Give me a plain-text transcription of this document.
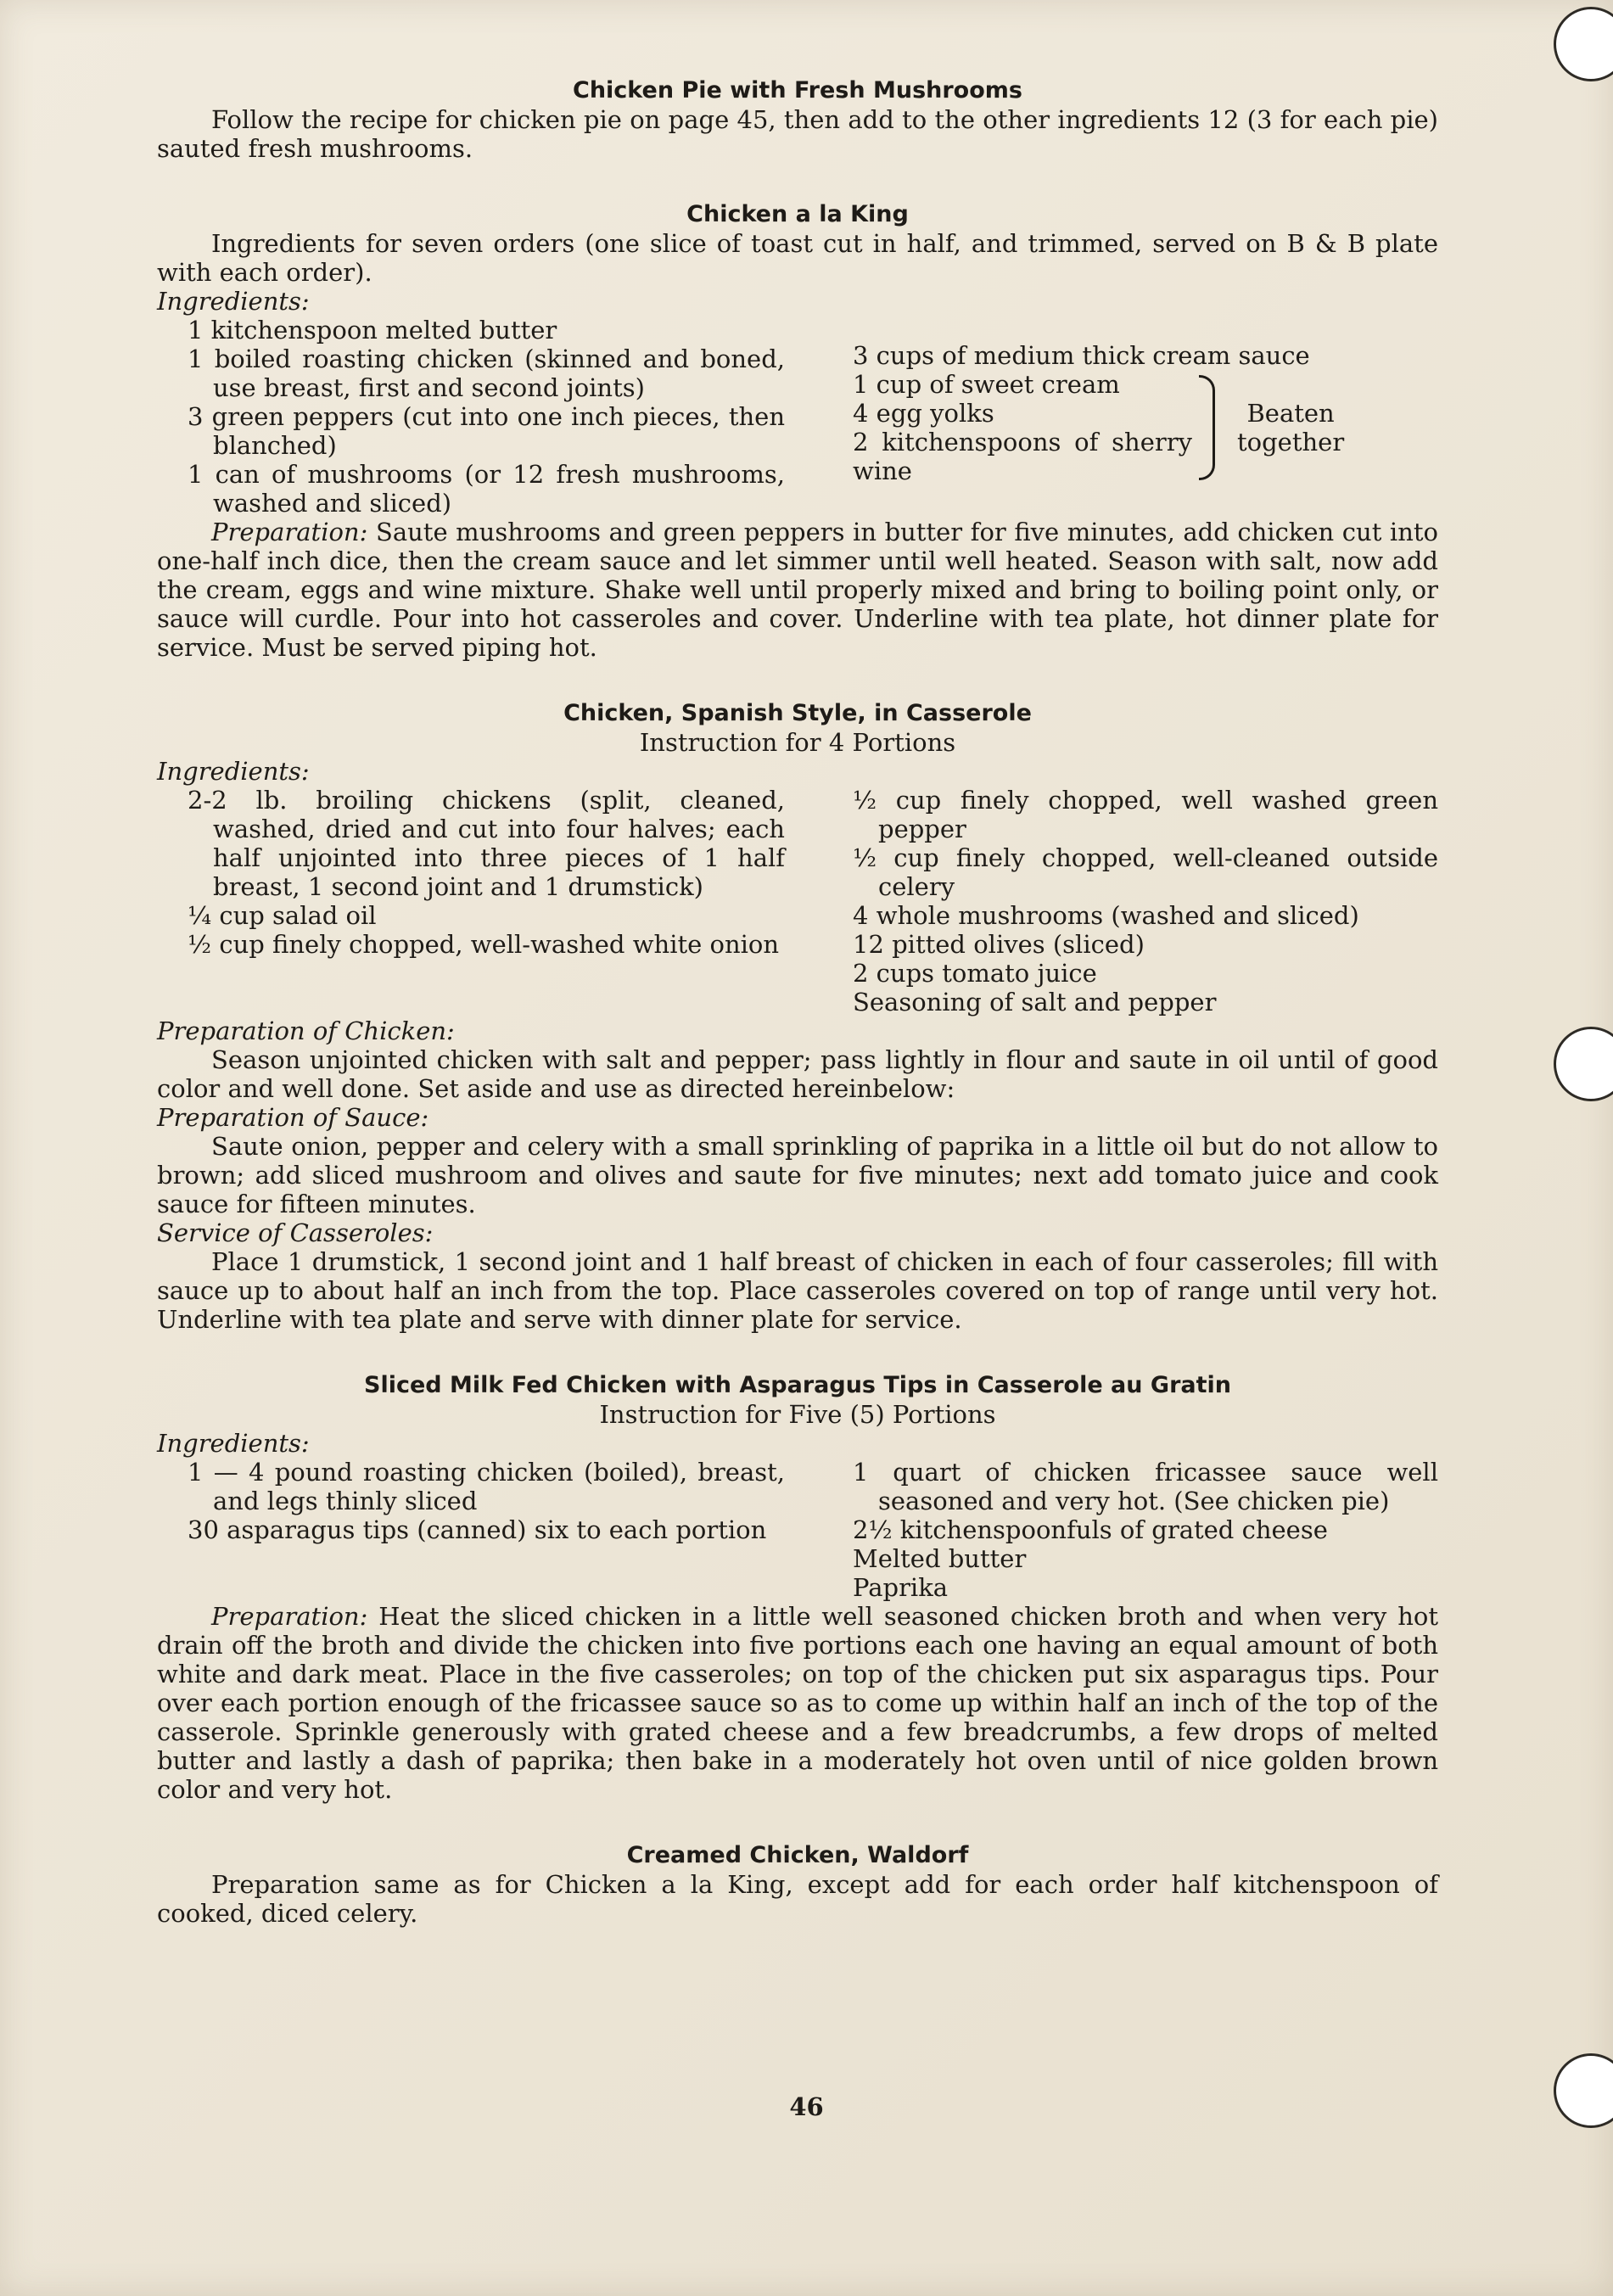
Chicken Pie with Fresh Mushrooms

Follow the recipe for chicken pie on page 45, then add to the other ingredients 12 (3 for each pie) sauted fresh mushrooms.

Chicken a la King

Ingredients for seven orders (one slice of toast cut in half, and trimmed, served on B & B plate with each order).

Ingredients:

1 kitchenspoon melted butter

1 boiled roasting chicken (skinned and boned, use breast, first and second joints)

3 green peppers (cut into one inch pieces, then blanched)

1 can of mushrooms (or 12 fresh mushrooms, washed and sliced)

3 cups of medium thick cream sauce

1 cup of sweet cream

4 egg yolks

2 kitchenspoons of sherry wine

Beaten
together

Preparation: Saute mushrooms and green peppers in butter for five minutes, add chicken cut into one-half inch dice, then the cream sauce and let simmer until well heated. Season with salt, now add the cream, eggs and wine mixture. Shake well until properly mixed and bring to boiling point only, or sauce will curdle. Pour into hot casseroles and cover. Underline with tea plate, hot dinner plate for service. Must be served piping hot.

Chicken, Spanish Style, in Casserole

Instruction for 4 Portions

Ingredients:

2-2 lb. broiling chickens (split, cleaned, washed, dried and cut into four halves; each half unjointed into three pieces of 1 half breast, 1 second joint and 1 drumstick)

¼ cup salad oil

½ cup finely chopped, well-washed white onion

½ cup finely chopped, well washed green pepper

½ cup finely chopped, well-cleaned outside celery

4 whole mushrooms (washed and sliced)

12 pitted olives (sliced)

2 cups tomato juice

Seasoning of salt and pepper

Preparation of Chicken:

Season unjointed chicken with salt and pepper; pass lightly in flour and saute in oil until of good color and well done. Set aside and use as directed hereinbelow:

Preparation of Sauce:

Saute onion, pepper and celery with a small sprinkling of paprika in a little oil but do not allow to brown; add sliced mushroom and olives and saute for five minutes; next add tomato juice and cook sauce for fifteen minutes.

Service of Casseroles:

Place 1 drumstick, 1 second joint and 1 half breast of chicken in each of four casseroles; fill with sauce up to about half an inch from the top. Place casseroles covered on top of range until very hot. Underline with tea plate and serve with dinner plate for service.

Sliced Milk Fed Chicken with Asparagus Tips in Casserole au Gratin

Instruction for Five (5) Portions

Ingredients:

1 — 4 pound roasting chicken (boiled), breast, and legs thinly sliced

30 asparagus tips (canned) six to each portion

1 quart of chicken fricassee sauce well seasoned and very hot. (See chicken pie)

2½ kitchenspoonfuls of grated cheese

Melted butter

Paprika

Preparation: Heat the sliced chicken in a little well seasoned chicken broth and when very hot drain off the broth and divide the chicken into five portions each one having an equal amount of both white and dark meat. Place in the five casseroles; on top of the chicken put six asparagus tips. Pour over each portion enough of the fricassee sauce so as to come up within half an inch of the top of the casserole. Sprinkle generously with grated cheese and a few breadcrumbs, a few drops of melted butter and lastly a dash of paprika; then bake in a moderately hot oven until of nice golden brown color and very hot.

Creamed Chicken, Waldorf

Preparation same as for Chicken a la King, except add for each order half kitchenspoon of cooked, diced celery.

46
